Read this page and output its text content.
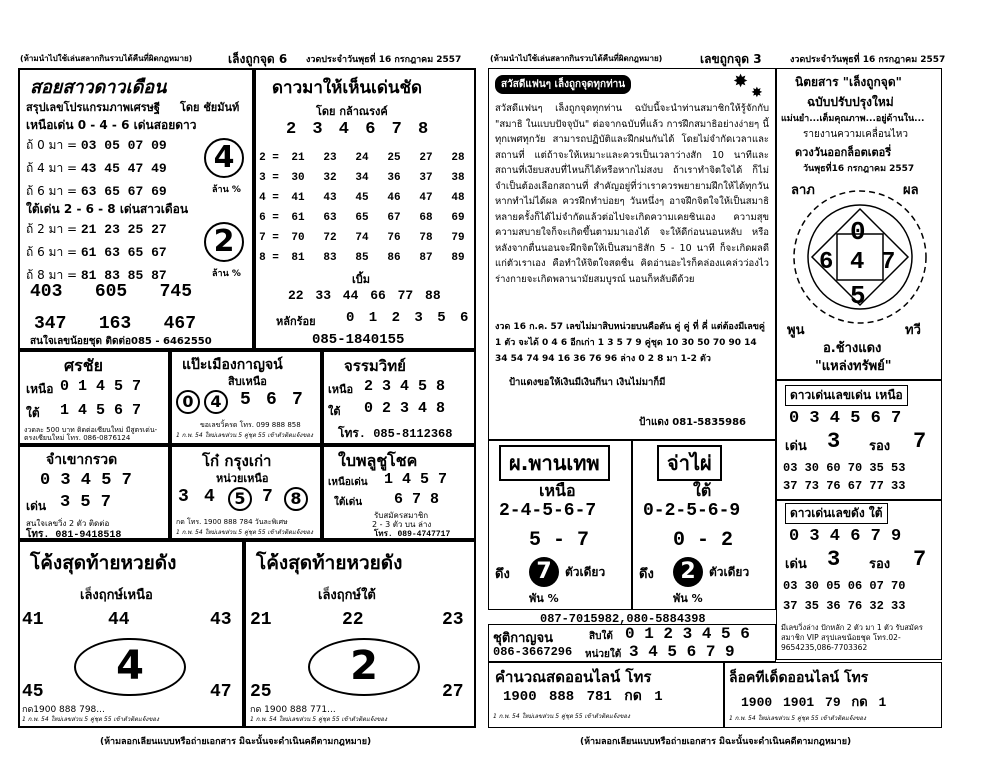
(ห้ามนำไปใช้เล่นสลากกินรวบได้คืนที่ผิดกฎหมาย)	เล็งถูกจุด 6 งวดประจำวันพุธที่ 16 กรกฎาคม 2557
สอยสาวดาวเดือน
สรุปเลขโปรแกรมภาพเศรษฐี โดย ชัยมันท์
เหนือเด่น 0 - 4 - 6 เด่นสอยดาว
ถ้ 0 มา = 03 05 07 09
ถ้ 4 มา = 43 45 47 49
ถ้ 6 มา = 63 65 67 69
4
ล้าน %
ใต้เด่น 2 - 6 - 8 เด่นสาวเดือน
ถ้ 2 มา = 21 23 25 27
ถ้ 6 มา = 61 63 65 67
ถ้ 8 มา = 81 83 85 87
2
ล้าน %
403 605 745
347 163 467
สนใจเลขน้อยชุด ติดต่อ085 - 6462550
ดาวมาให้เห็นเด่นชัด
โดย กล้าณรงค์
2 3 4 6 7 8
2 = 21 23 24 25 27 28
3 = 30 32 34 36 37 38
4 = 41 43 45 46 47 48
6 = 61 63 65 67 68 69
7 = 70 72 74 76 78 79
8 = 81 83 85 86 87 89
เบิ้ม
22 33 44 66 77 88
หลักร้อย 0 1 2 3 5 6
085-1840155
ศรชัย
เหนือ 0 1 4 5 7
ใต้ 1 4 5 6 7
งวดละ 500 บาท ติดต่อเซียนใหม่ มีสูตรเด่น-ตรงเซียนใหม่ โทร. 086-0876124
แป๊ะเมืองกาญจน์
สิบเหนือ
0	4	5 6 7
ขอเลขวิ้ครด โทร. 099 888 858
1 ก.พ. 54 ใหม่เลขส่วน 5 คู่ชุด 55 เข้าตัวติดแจ้งของ
จรรมวิทย์
เหนือ 2 3 4 5 8
ใต้ 0 2 3 4 8
โทร. 085-8112368
จำเขากรวด
0 3 4 5 7
เด่น 3 5 7
สนใจเลขวิ่ง 2 ตัว ติดต่อ
โทร. 081-9418518
โก๋ กรุงเก่า
หน่วยเหนือ
3 4	5 7	8
กด โทร. 1900 888 784 วันละพิเศษ
1 ก.พ. 54 ใหม่เลขส่วน 5 คู่ชุด 55 เข้าตัวติดแจ้งของ
ใบพลูชูโชค
เหนือเด่น 1 4 5 7
ใต้เด่น 6 7 8
รับสมัครสมาชิก
2 - 3 ตัว บน ล่าง
โทร. 089-4747717
โค้งสุดท้ายหวยดัง
เล็งฤกษ์เหนือ
41	44	43
4
45	47
กด1900 888 798...
1 ก.พ. 54 ใหม่เลขส่วน 5 คู่ชุด 55 เข้าตัวติดแจ้งของ
โค้งสุดท้ายหวยดัง
เล็งฤกษ์ใต้
21	22	23
2
25	27
กด 1900 888 771...
1 ก.พ. 54 ใหม่เลขส่วน 5 คู่ชุด 55 เข้าตัวติดแจ้งของ
(ห้ามลอกเลียนแบบหรือถ่ายเอกสาร มิฉะนั้นจะดำเนินคดีตามกฎหมาย)
(ห้ามนำไปใช้เล่นสลากกินรวบได้คืนที่ผิดกฎหมาย)	เลขถูกจุด 3	งวดประจำวันพุธที่ 16 กรกฎาคม 2557
สวัสดีแฟนๆ เล็งถูกจุดทุกท่าน	✸
✸
สวัสดีแฟนๆ เล็งถูกจุดทุกท่าน ฉบับนี้จะนำท่านสมาชิกให้รู้จักกับ "สมาธิ ในแบบปัจจุบัน" ต่อจากฉบับที่แล้ว การฝึกสมาธิอย่างง่ายๆ นี้ ทุกเพศทุกวัย สามารถปฏิบัติและฝึกฝนกันได้ โดยไม่จำกัดเวลาและสถานที่ แต่ถ้าจะให้เหมาะและควรเป็นเวลาว่างสัก 10 นาทีและสถานที่เงียบสงบที่ไหนก็ได้หรือหากไม่สงบ ถ้าเราทำจิตใจได้ ก็ไม่จำเป็นต้องเลือกสถานที่ สำคัญอยู่ที่ว่าเราควรพยายามฝึกให้ได้ทุกวัน หากทำไม่ได้ผล ควรฝึกทำบ่อยๆ วันหนึ่งๆ อาจฝึกจิตใจให้เป็นสมาธิหลายครั้งก็ได้ไม่จำกัดแล้วต่อไปจะเกิดความเคยชินเอง ความสุข ความสบายใจก็จะเกิดขึ้นตามมาเองได้ จะให้ดีก่อนนอนหลับ หรือหลังจากตื่นนอนจะฝึกจิตให้เป็นสมาธิสัก 5 - 10 นาที ก็จะเกิดผลดีแก่ตัวเราเอง คือทำให้จิตใจสดชื่น คิดอ่านอะไรก็คล่องแคล่วว่องไว ร่างกายจะเกิดพลานามัยสมบูรณ์ นอนก็หลับดีด้วย
งวด 16 ก.ค. 57 เลขไม่มาสิบหน่วยบนคือตัน คู่ คู่ ที่ คี่ แต่ต้องมีเลขคู่ 1 ตัว จะได้ 0 4 6 อีกเก่า 1 3 5 7 9 คู่ชุด 10 30 50 70 90 14 34 54 74 94 16 36 76 96 ล่าง 0 2 8 มา 1-2 ตัว
ป้าแดงขอให้เงินมีเงินกีนา เงินไม่มาก็มี
ป้าแดง 081-5835986
นิตยสาร "เล็งถูกจุด"
ฉบับปรับปรุงใหม่
แม่นยำ...เต็มคุณภาพ...อยู่ด้านใน...
รายงานความเคลื่อนไหว
ดวงวันออกล็อตเตอรี่
วันพุธที่16 กรกฎาคม 2557
ลาภ	ผล
0
6 4 7
5
พูน	ทวี
อ.ช้างแดง
"แหล่งทรัพย์"
ดาวเด่นเลขเด่น เหนือ
0 3 4 5 6 7
เด่น 3 รอง 7
03 30 60 70 35 53
37 73 76 67 77 33
ดาวเด่นเลขดัง ใต้
0 3 4 6 7 9
เด่น 3 รอง 7
03 30 05 06 07 70
37 35 36 76 32 33
มีเลขวิ่งล่าง ปักหลัก 2 ตัว มา 1 ตัว รับสมัครสมาชิก VIP สรุปเลขน้อยชุด โทร.02-9654235,086-7703362
ผ.พานเทพ
เหนือ
2-4-5-6-7
5 - 7
ดึง	7	ตัวเดียว
พัน %
จ่าไผ่
ใต้
0-2-5-6-9
0 - 2
ดึง	2	ตัวเดียว
พัน %
087-7015982,080-5884398
ชุติกาญจน	สิบใต้ 0 1 2 3 4 5 6
086-3667296 หน่วยใต้ 3 4 5 6 7 9
คำนวณสดออนไลน์ โทร
1900 888 781 กด 1
1 ก.พ. 54 ใหม่เลขส่วน 5 คู่ชุด 55 เข้าตัวติดแจ้งของ
ล็อคทีเด็ดออนไลน์ โทร
1900 1901 79 กด 1
1 ก.พ. 54 ใหม่เลขส่วน 5 คู่ชุด 55 เข้าตัวติดแจ้งของ
(ห้ามลอกเลียนแบบหรือถ่ายเอกสาร มิฉะนั้นจะดำเนินคดีตามกฎหมาย)
